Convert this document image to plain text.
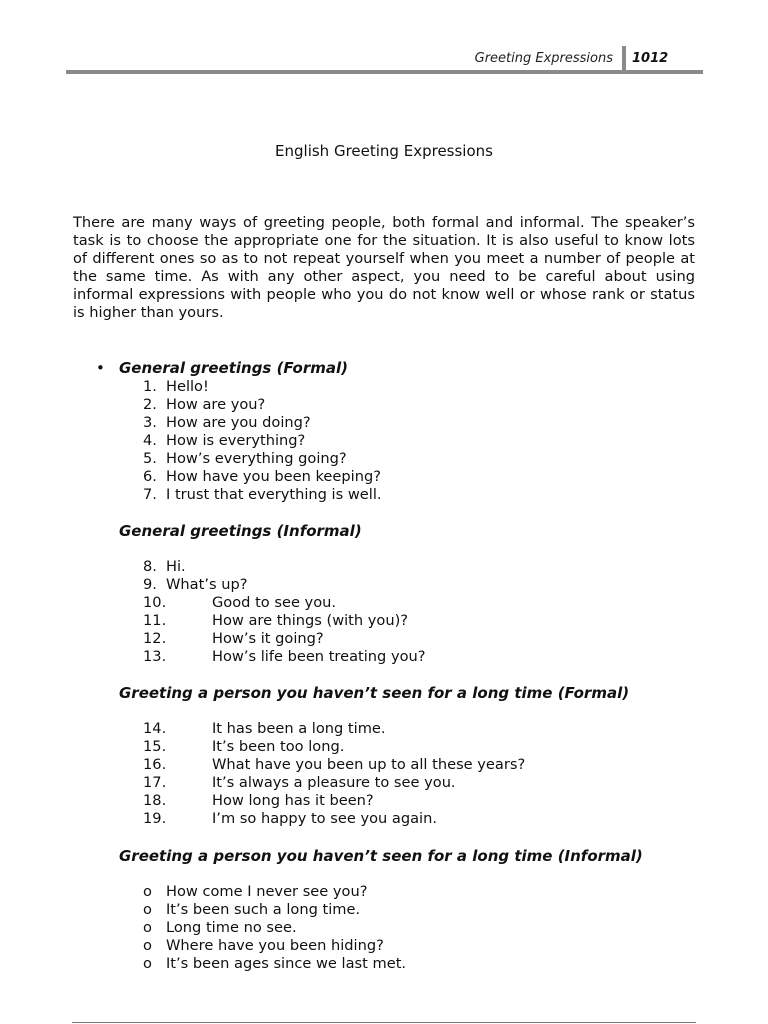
Greeting Expressions 1012
English Greeting Expressions

There are many ways of greeting people, both formal and informal. The speaker’s task is to choose the appropriate one for the situation. It is also useful to know lots of different ones so as to not repeat yourself when you meet a number of people at the same time. As with any other aspect, you need to be careful about using informal expressions with people who you do not know well or whose rank or status is higher than yours.

• General greetings (Formal)
1. Hello!
2. How are you?
3. How are you doing?
4. How is everything?
5. How’s everything going?
6. How have you been keeping?
7. I trust that everything is well.
General greetings (Informal)
8. Hi.
9. What’s up?
10.	Good to see you.
11.	How are things (with you)?
12.	How’s it going?
13.	How’s life been treating you?
Greeting a person you haven’t seen for a long time (Formal)
14.	It has been a long time.
15.	It’s been too long.
16.	What have you been up to all these years?
17.	It’s always a pleasure to see you.
18.	How long has it been?
19.	I’m so happy to see you again.
Greeting a person you haven’t seen for a long time (Informal)
o How come I never see you?
o It’s been such a long time.
o Long time no see.
o Where have you been hiding?
o It’s been ages since we last met.
